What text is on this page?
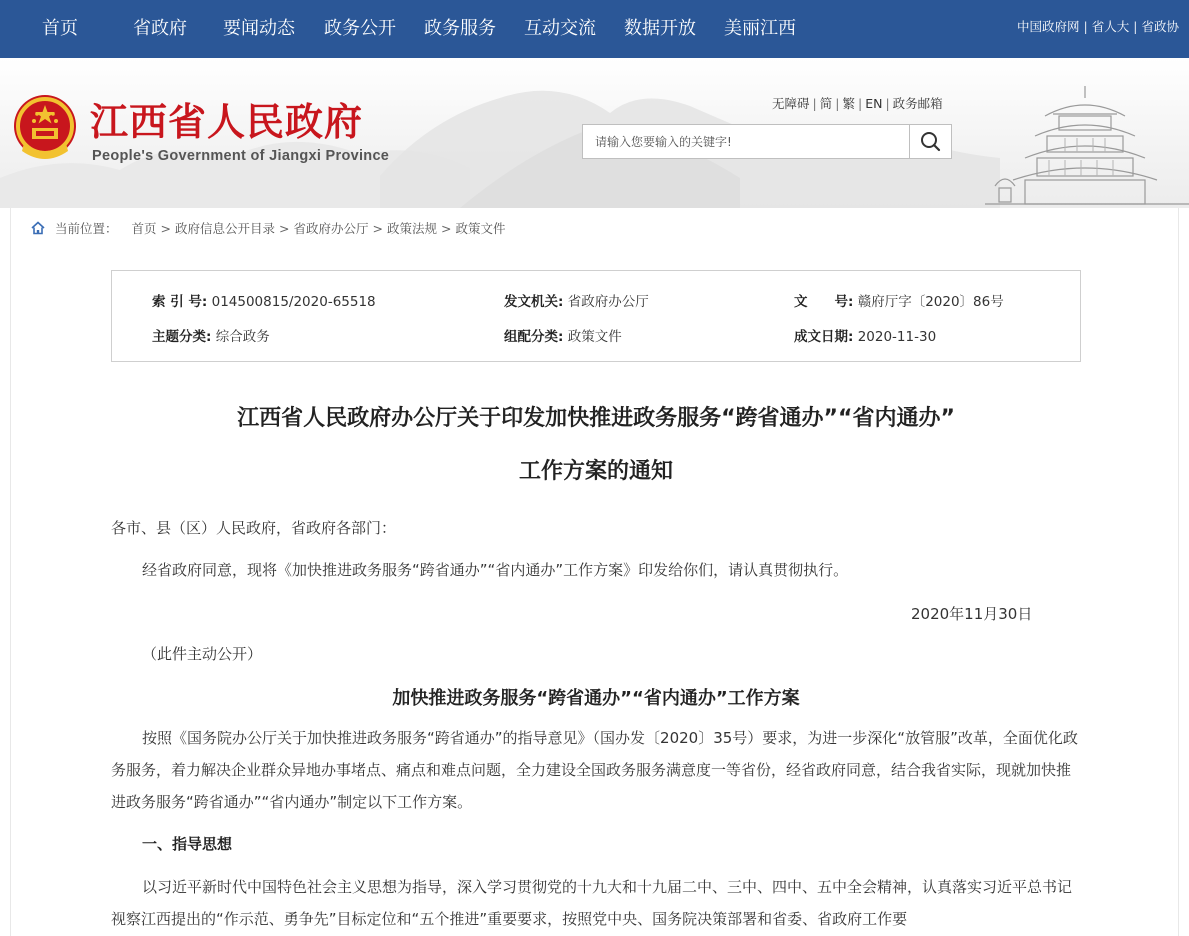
首页	省政府 要闻动态 政务公开 政务服务 互动交流 数据开放 美丽江西	中国政府网 | 省人大 | 省政协
江西省人民政府
People's Government of Jiangxi Province
无障碍 | 简 | 繁 | EN | 政务邮箱
请输入您要输入的关键字!
当前位置： 首页 > 政府信息公开目录 > 省政府办公厅 > 政策法规 > 政策文件
索 引 号: 014500815/2020-65518	发文机关: 省政府办公厅	文　　号: 赣府厅字〔2020〕86号
主题分类: 综合政务	组配分类: 政策文件	成文日期: 2020-11-30
江西省人民政府办公厅关于印发加快推进政务服务“跨省通办”“省内通办”
工作方案的通知
各市、县（区）人民政府，省政府各部门：
经省政府同意，现将《加快推进政务服务“跨省通办”“省内通办”工作方案》印发给你们，请认真贯彻执行。
2020年11月30日
（此件主动公开）
加快推进政务服务“跨省通办”“省内通办”工作方案
按照《国务院办公厅关于加快推进政务服务“跨省通办”的指导意见》（国办发〔2020〕35号）要求，为进一步深化“放管服”改革，全面优化政务服务，着力解决企业群众异地办事堵点、痛点和难点问题，全力建设全国政务服务满意度一等省份，经省政府同意，结合我省实际，现就加快推进政务服务“跨省通办”“省内通办”制定以下工作方案。
一、指导思想
以习近平新时代中国特色社会主义思想为指导，深入学习贯彻党的十九大和十九届二中、三中、四中、五中全会精神，认真落实习近平总书记视察江西提出的“作示范、勇争先”目标定位和“五个推进”重要要求，按照党中央、国务院决策部署和省委、省政府工作要
